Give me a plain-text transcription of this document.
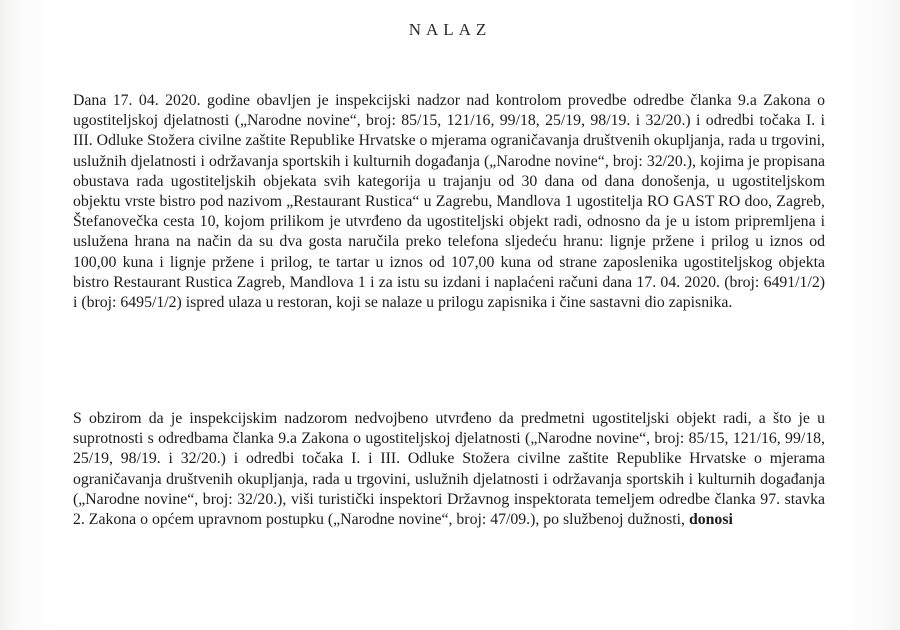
NALAZ

Dana 17. 04. 2020. godine obavljen je inspekcijski nadzor nad kontrolom provedbe odredbe članka 9.a Zakona o ugostiteljskoj djelatnosti („Narodne novine“, broj: 85/15, 121/16, 99/18, 25/19, 98/19. i 32/20.) i odredbi točaka I. i III. Odluke Stožera civilne zaštite Republike Hrvatske o mjerama ograničavanja društvenih okupljanja, rada u trgovini, uslužnih djelatnosti i održavanja sportskih i kulturnih događanja („Narodne novine“, broj: 32/20.), kojima je propisana obustava rada ugostiteljskih objekata svih kategorija u trajanju od 30 dana od dana donošenja, u ugostiteljskom objektu vrste bistro pod nazivom „Restaurant Rustica“ u Zagrebu, Mandlova 1 ugostitelja RO GAST RO doo, Zagreb, Štefanovečka cesta 10, kojom prilikom je utvrđeno da ugostiteljski objekt radi, odnosno da je u istom pripremljena i uslužena hrana na način da su dva gosta naručila preko telefona sljedeću hranu: lignje pržene i prilog u iznos od 100,00 kuna i lignje pržene i prilog, te tartar u iznos od 107,00 kuna od strane zaposlenika ugostiteljskog objekta bistro Restaurant Rustica Zagreb, Mandlova 1 i za istu su izdani i naplaćeni računi dana 17. 04. 2020. (broj: 6491/1/2) i (broj: 6495/1/2) ispred ulaza u restoran, koji se nalaze u prilogu zapisnika i čine sastavni dio zapisnika.

S obzirom da je inspekcijskim nadzorom nedvojbeno utvrđeno da predmetni ugostiteljski objekt radi, a što je u suprotnosti s odredbama članka 9.a Zakona o ugostiteljskoj djelatnosti („Narodne novine“, broj: 85/15, 121/16, 99/18, 25/19, 98/19. i 32/20.) i odredbi točaka I. i III. Odluke Stožera civilne zaštite Republike Hrvatske o mjerama ograničavanja društvenih okupljanja, rada u trgovini, uslužnih djelatnosti i održavanja sportskih i kulturnih događanja („Narodne novine“, broj: 32/20.), viši turistički inspektori Državnog inspektorata temeljem odredbe članka 97. stavka 2. Zakona o općem upravnom postupku („Narodne novine“, broj: 47/09.), po službenoj dužnosti, donosi
